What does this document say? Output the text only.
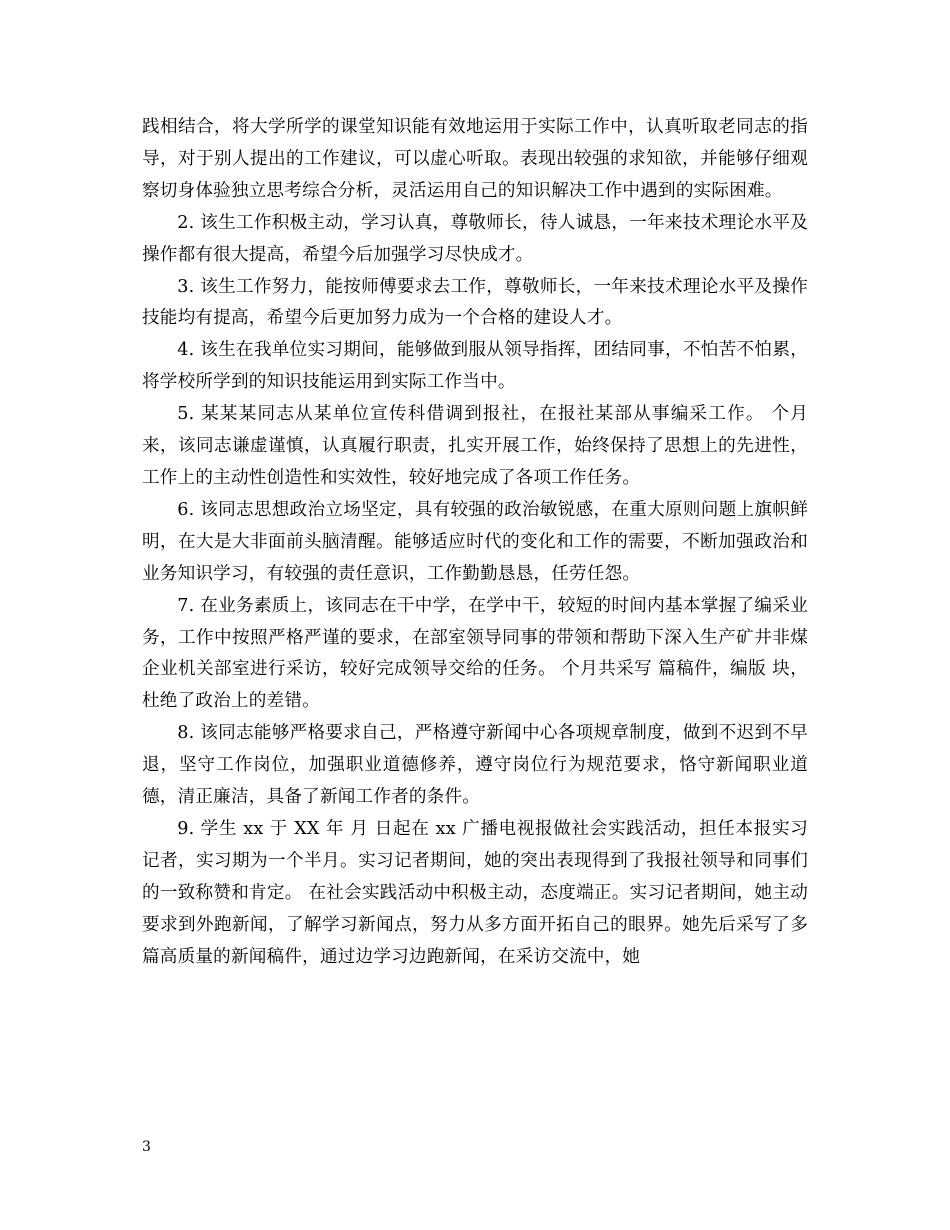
践相结合，将大学所学的课堂知识能有效地运用于实际工作中，认真听取老同志的指导，对于别人提出的工作建议，可以虚心听取。表现出较强的求知欲，并能够仔细观察切身体验独立思考综合分析，灵活运用自己的知识解决工作中遇到的实际困难。

2. 该生工作积极主动，学习认真，尊敬师长，待人诚恳，一年来技术理论水平及操作都有很大提高，希望今后加强学习尽快成才。

3. 该生工作努力，能按师傅要求去工作，尊敬师长，一年来技术理论水平及操作技能均有提高，希望今后更加努力成为一个合格的建设人才。

4. 该生在我单位实习期间，能够做到服从领导指挥，团结同事，不怕苦不怕累，将学校所学到的知识技能运用到实际工作当中。

5. 某某某同志从某单位宣传科借调到报社，在报社某部从事编采工作。 个月来，该同志谦虚谨慎，认真履行职责，扎实开展工作，始终保持了思想上的先进性，工作上的主动性创造性和实效性，较好地完成了各项工作任务。

6. 该同志思想政治立场坚定，具有较强的政治敏锐感，在重大原则问题上旗帜鲜明，在大是大非面前头脑清醒。能够适应时代的变化和工作的需要，不断加强政治和业务知识学习，有较强的责任意识，工作勤勤恳恳，任劳任怨。

7. 在业务素质上，该同志在干中学，在学中干，较短的时间内基本掌握了编采业务，工作中按照严格严谨的要求，在部室领导同事的带领和帮助下深入生产矿井非煤企业机关部室进行采访，较好完成领导交给的任务。 个月共采写 篇稿件，编版 块，杜绝了政治上的差错。

8. 该同志能够严格要求自己，严格遵守新闻中心各项规章制度，做到不迟到不早退，坚守工作岗位，加强职业道德修养，遵守岗位行为规范要求，恪守新闻职业道德，清正廉洁，具备了新闻工作者的条件。

9. 学生 xx 于 XX 年 月 日起在 xx 广播电视报做社会实践活动，担任本报实习记者，实习期为一个半月。实习记者期间，她的突出表现得到了我报社领导和同事们的一致称赞和肯定。 在社会实践活动中积极主动，态度端正。实习记者期间，她主动要求到外跑新闻，了解学习新闻点，努力从多方面开拓自己的眼界。她先后采写了多篇高质量的新闻稿件，通过边学习边跑新闻，在采访交流中，她

3
